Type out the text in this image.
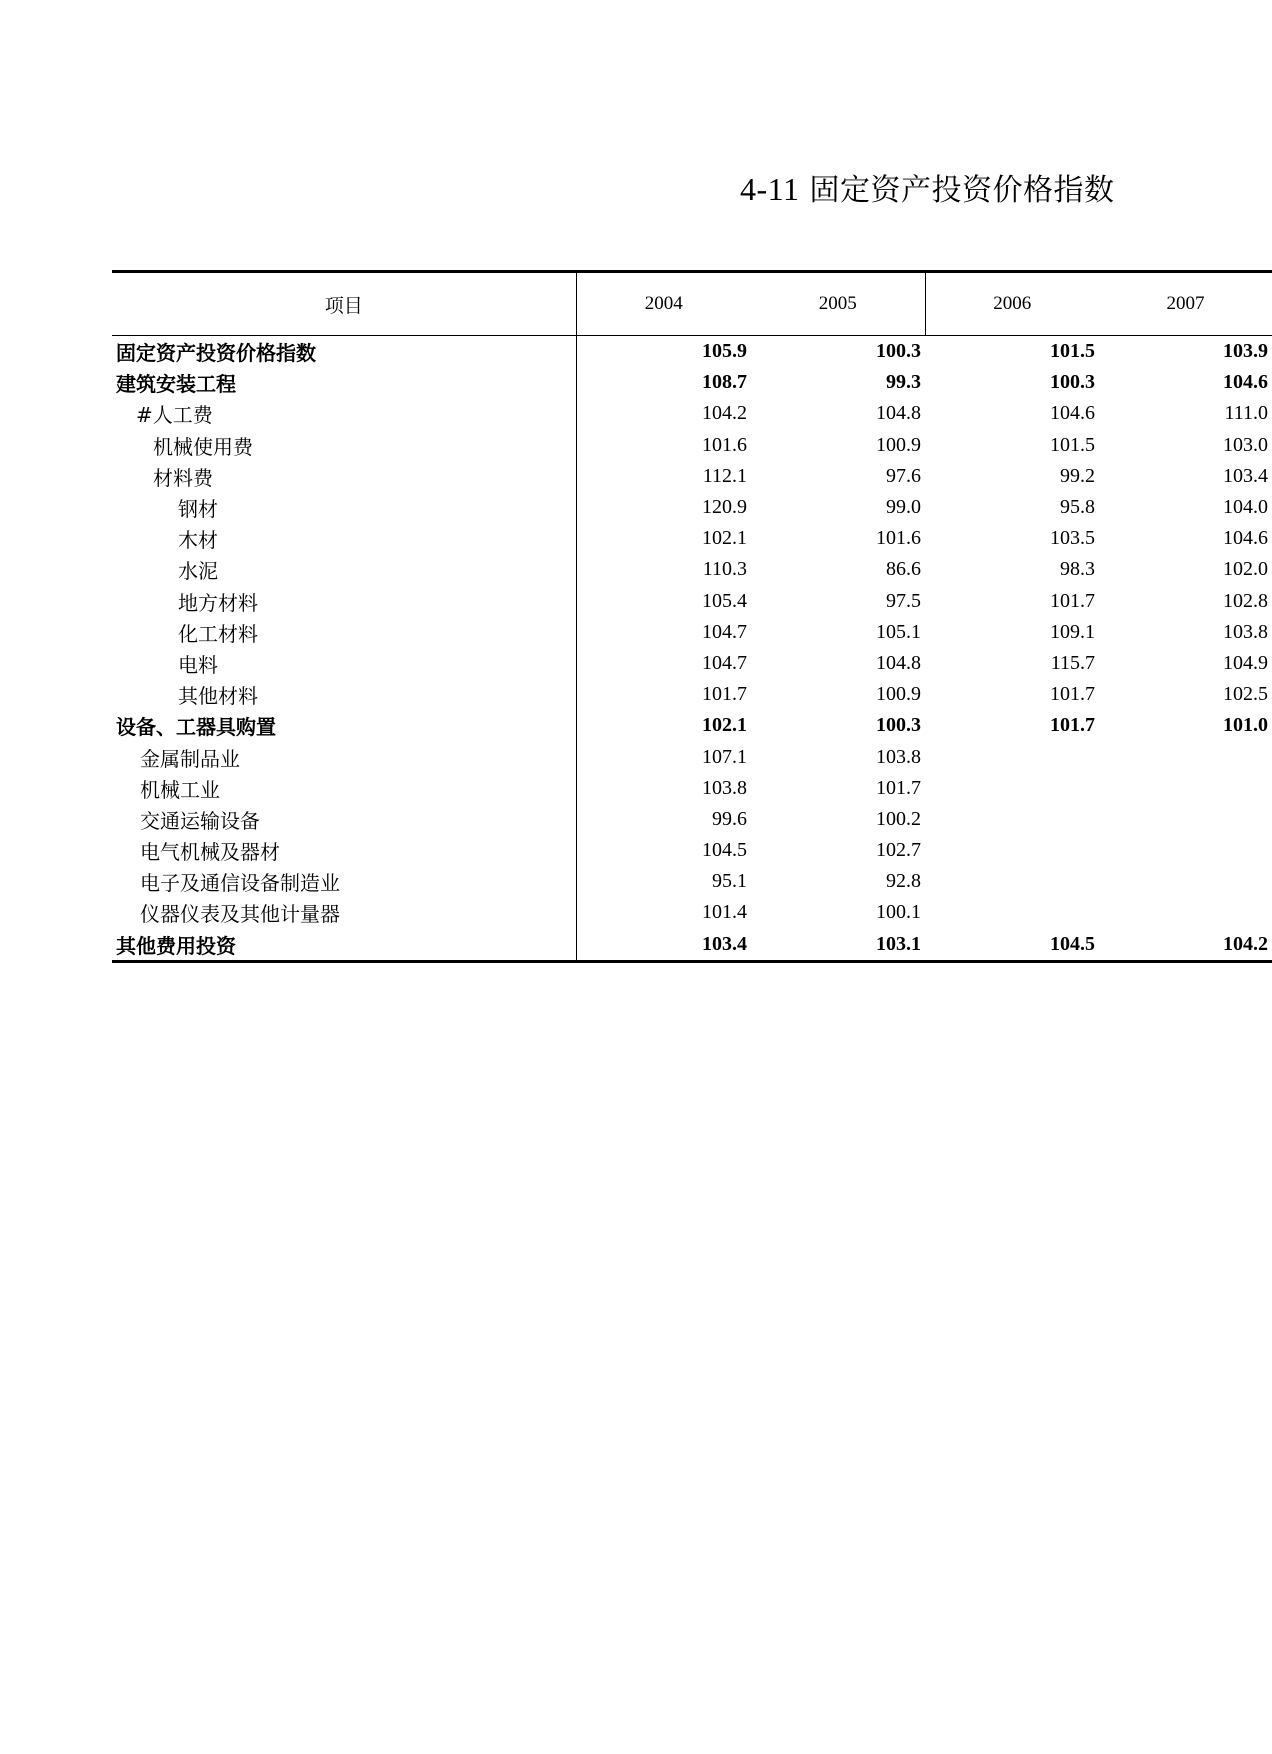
4-11 固定资产投资价格指数
项目	2004	2005	2006	2007
固定资产投资价格指数	105.9	100.3	101.5	103.9
建筑安装工程	108.7	99.3	100.3	104.6
#人工费	104.2	104.8	104.6	111.0
机械使用费	101.6	100.9	101.5	103.0
材料费	112.1	97.6	99.2	103.4
钢材	120.9	99.0	95.8	104.0
木材	102.1	101.6	103.5	104.6
水泥	110.3	86.6	98.3	102.0
地方材料	105.4	97.5	101.7	102.8
化工材料	104.7	105.1	109.1	103.8
电料	104.7	104.8	115.7	104.9
其他材料	101.7	100.9	101.7	102.5
设备、工器具购置	102.1	100.3	101.7	101.0
金属制品业	107.1	103.8		
机械工业	103.8	101.7		
交通运输设备	99.6	100.2		
电气机械及器材	104.5	102.7		
电子及通信设备制造业	95.1	92.8		
仪器仪表及其他计量器	101.4	100.1		
其他费用投资	103.4	103.1	104.5	104.2
